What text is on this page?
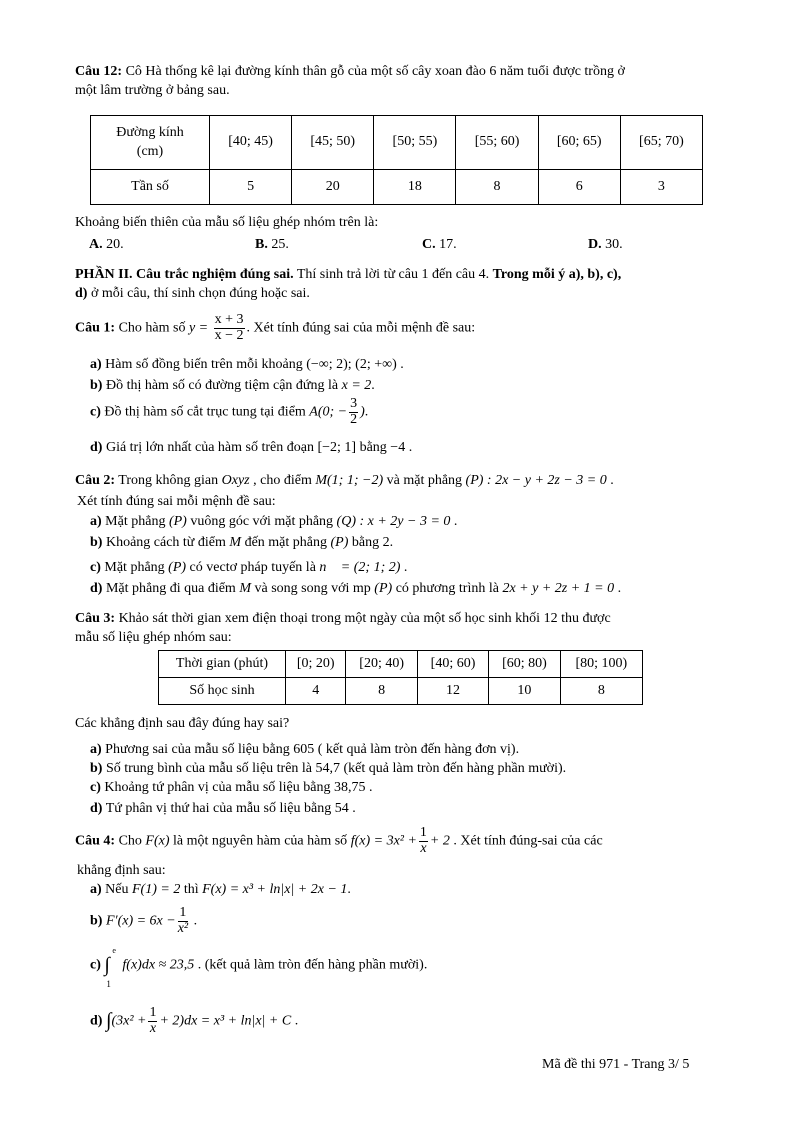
Câu 12: Cô Hà thống kê lại đường kính thân gỗ của một số cây xoan đào 6 năm tuổi được trồng ở
một lâm trường ở bảng sau.
Đường kính
(cm)	[40; 45)	[45; 50)	[50; 55)	[55; 60)	[60; 65)	[65; 70)
Tần số	5	20	18	8	6	3
Khoảng biến thiên của mẫu số liệu ghép nhóm trên là:
A. 20.	B. 25.	C. 17.	D. 30.
PHẦN II. Câu trắc nghiệm đúng sai. Thí sinh trả lời từ câu 1 đến câu 4. Trong mỗi ý a), b), c),
d) ở mỗi câu, thí sinh chọn đúng hoặc sai.
Câu 1: Cho hàm số $y = \frac{x + 3}{x - 2}$ . Xét tính đúng sai của mỗi mệnh đề sau:
a) Hàm số đồng biến trên mỗi khoảng (−∞; 2); (2; +∞) .
b) Đồ thị hàm số có đường tiệm cận đứng là x = 2.
c) Đồ thị hàm số cắt trục tung tại điểm A(0; − $\frac{3}{2}$ ).
d) Giá trị lớn nhất của hàm số trên đoạn [−2; 1] bằng −4 .
Câu 2: Trong không gian Oxyz , cho điểm M(1; 1; −2) và mặt phẳng (P) : 2x − y + 2z − 3 = 0 .
Xét tính đúng sai mỗi mệnh đề sau:
a) Mặt phẳng (P) vuông góc với mặt phẳng (Q) : x + 2y − 3 = 0 .
b) Khoảng cách từ điểm M đến mặt phẳng (P) bằng 2.
c) Mặt phẳng (P) có vectơ pháp tuyến là n⃗ = (2; 1; 2) .
d) Mặt phẳng đi qua điểm M và song song với mp (P) có phương trình là 2x + y + 2z + 1 = 0 .
Câu 3: Khảo sát thời gian xem điện thoại trong một ngày của một số học sinh khối 12 thu được
mẫu số liệu ghép nhóm sau:
Thời gian (phút)	[0; 20)	[20; 40)	[40; 60)	[60; 80)	[80; 100)
Số học sinh	4	8	12	10	8
Các khẳng định sau đây đúng hay sai?
a) Phương sai của mẫu số liệu bằng 605 ( kết quả làm tròn đến hàng đơn vị).
b) Số trung bình của mẫu số liệu trên là 54,7 (kết quả làm tròn đến hàng phần mười).
c) Khoảng tứ phân vị của mẫu số liệu bằng 38,75 .
d) Tứ phân vị thứ hai của mẫu số liệu bằng 54 .
Câu 4: Cho F(x) là một nguyên hàm của hàm số $f(x) = 3x^2 + \frac{1}{x} + 2$ . Xét tính đúng-sai của các
khẳng định sau:
a) Nếu F(1) = 2 thì F(x) = x³ + ln|x| + 2x − 1.
b) $F'(x) = 6x - \frac{1}{\text{x²}}$ .
c) ∫
e
1
f(x)dx ≈ 23,5 . (kết quả làm tròn đến hàng phần mười).
d) $\int(3x^2 + \frac{1}{x} + 2)dx = x^3 + \ln|x| + C$ .
Mã đề thi 971 - Trang 3/ 5
